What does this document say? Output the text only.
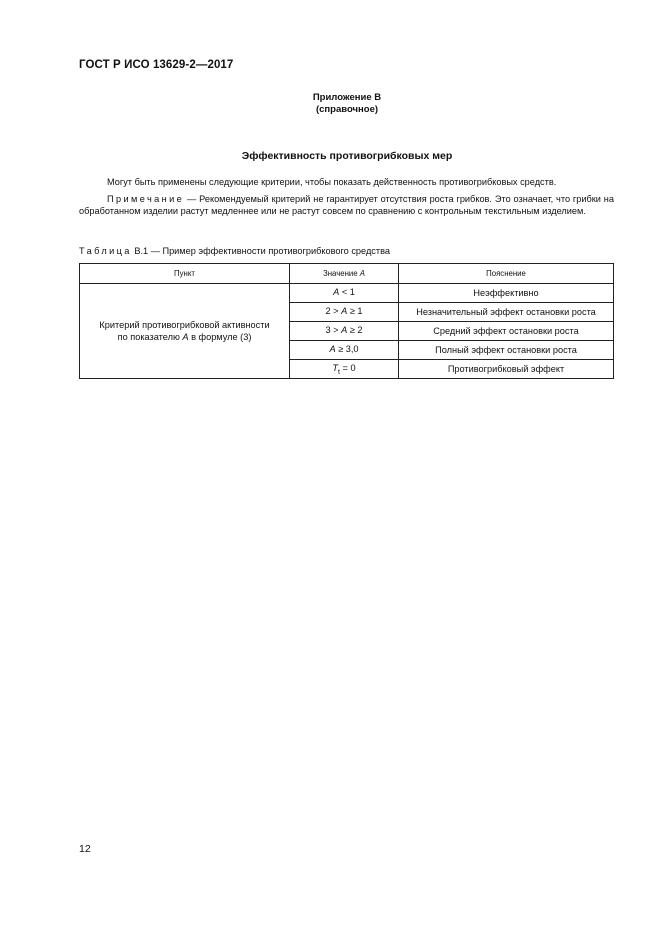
ГОСТ Р ИСО 13629-2—2017
Приложение В
(справочное)
Эффективность противогрибковых мер
Могут быть применены следующие критерии, чтобы показать действенность противогрибковых средств.
Примечание — Рекомендуемый критерий не гарантирует отсутствия роста грибков. Это означает, что грибки на обработанном изделии растут медленнее или не растут совсем по сравнению с контрольным текстильным изделием.
Таблица В.1 — Пример эффективности противогрибкового средства
Пункт	Значение A	Пояснение
Критерий противогрибковой активности
по показателю A в формуле (3)	A < 1	Неэффективно
	2 > A ≥ 1	Незначительный эффект остановки роста
	3 > A ≥ 2	Средний эффект остановки роста
	A ≥ 3,0	Полный эффект остановки роста
	$T_t = 0$	Противогрибковый эффект
12
